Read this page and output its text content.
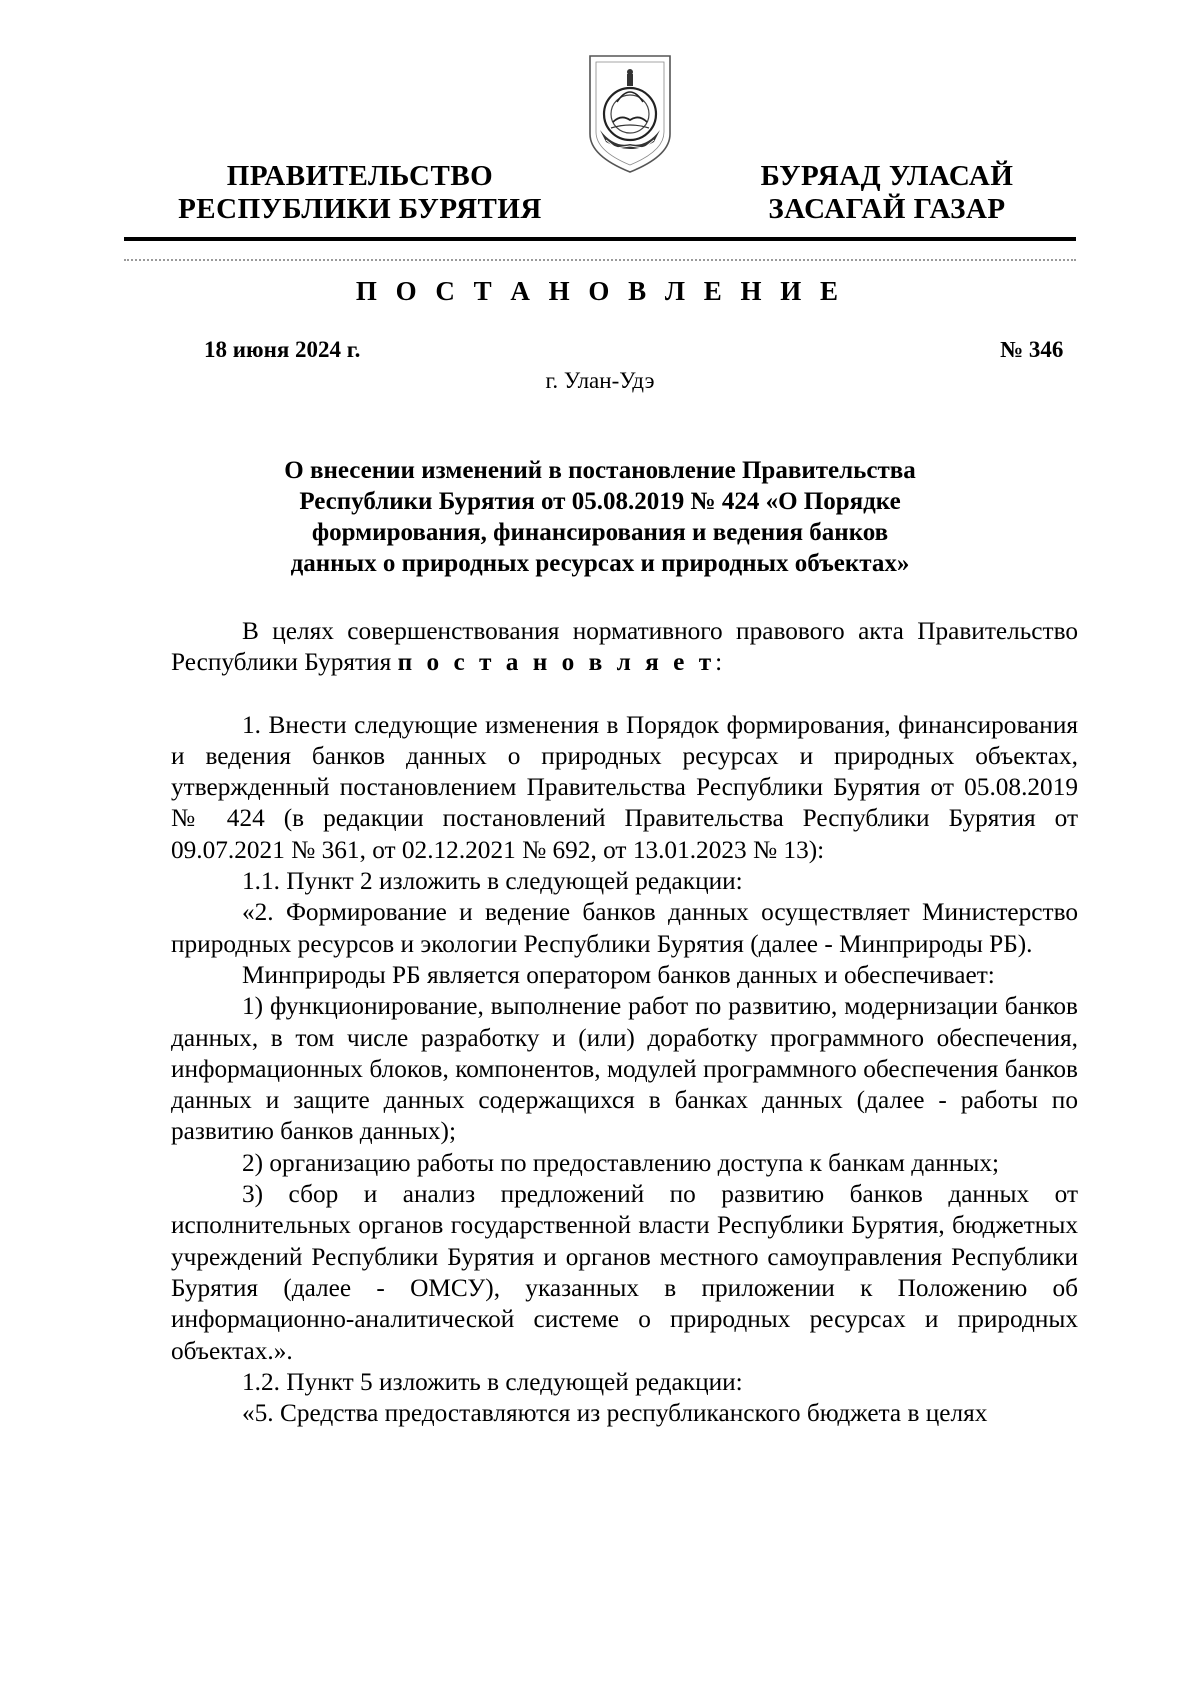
ПРАВИТЕЛЬСТВО
РЕСПУБЛИКИ БУРЯТИЯ
БУРЯАД УЛАСАЙ
ЗАСАГАЙ ГАЗАР
П О С Т А Н О В Л Е Н И Е
18 июня 2024 г.	№ 346
г. Улан-Удэ
О внесении изменений в постановление Правительства
Республики Бурятия от 05.08.2019 № 424 «О Порядке
формирования, финансирования и ведения банков
данных о природных ресурсах и природных объектах»

В целях совершенствования нормативного правового акта Правительство Республики Бурятия п о с т а н о в л я е т:

1. Внести следующие изменения в Порядок формирования, финансирования и ведения банков данных о природных ресурсах и природных объектах, утвержденный постановлением Правительства Республики Бурятия от 05.08.2019 № 424 (в редакции постановлений Правительства Республики Бурятия от 09.07.2021 № 361, от 02.12.2021 № 692, от 13.01.2023 № 13):

1.1. Пункт 2 изложить в следующей редакции:

«2. Формирование и ведение банков данных осуществляет Министерство природных ресурсов и экологии Республики Бурятия (далее - Минприроды РБ).

Минприроды РБ является оператором банков данных и обеспечивает:

1) функционирование, выполнение работ по развитию, модернизации банков данных, в том числе разработку и (или) доработку программного обеспечения, информационных блоков, компонентов, модулей программного обеспечения банков данных и защите данных содержащихся в банках данных (далее - работы по развитию банков данных);

2) организацию работы по предоставлению доступа к банкам данных;

3) сбор и анализ предложений по развитию банков данных от исполнительных органов государственной власти Республики Бурятия, бюджетных учреждений Республики Бурятия и органов местного самоуправления Республики Бурятия (далее - ОМСУ), указанных в приложении к Положению об информационно-аналитической системе о природных ресурсах и природных объектах.».

1.2. Пункт 5 изложить в следующей редакции:

«5. Средства предоставляются из республиканского бюджета в целях
